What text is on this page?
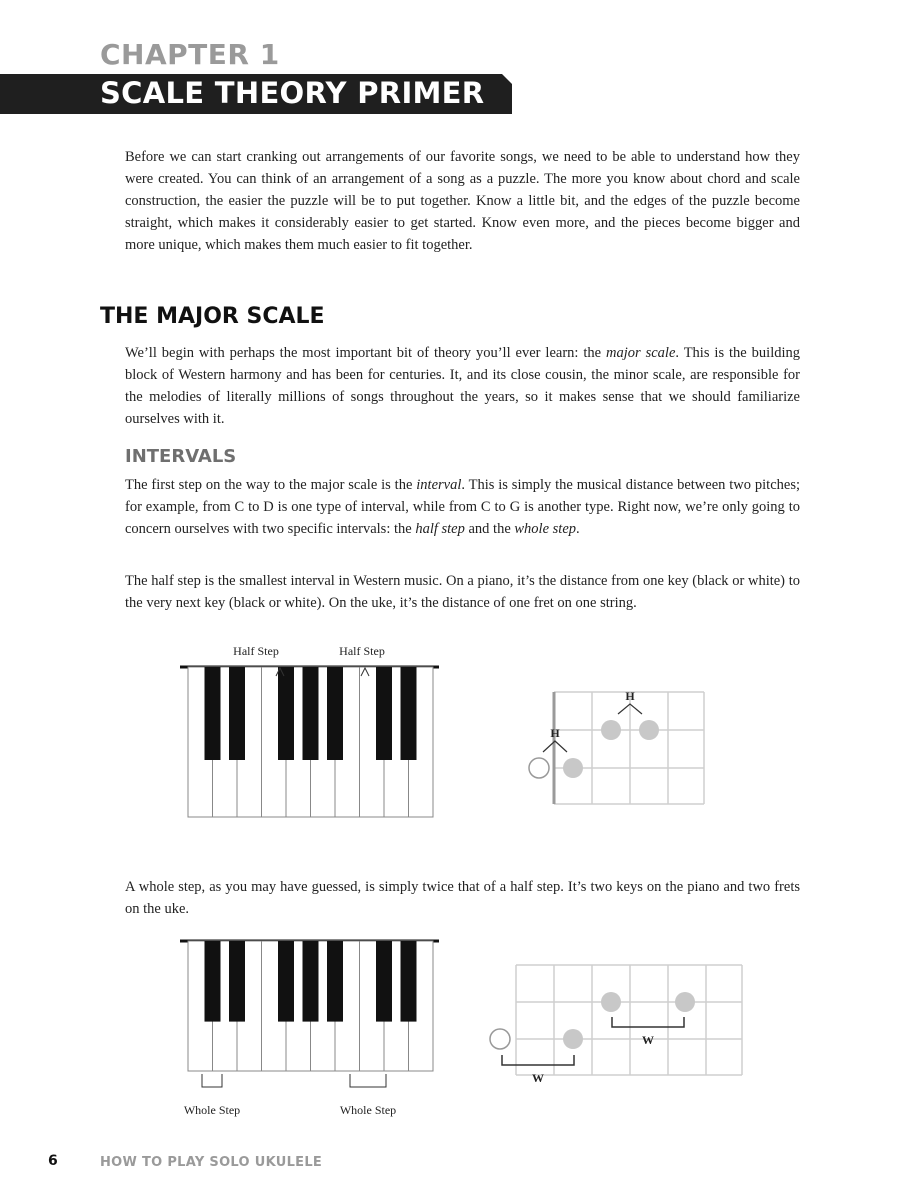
CHAPTER 1
SCALE THEORY PRIMER

Before we can start cranking out arrangements of our favorite songs, we need to be able to understand how they were created. You can think of an arrangement of a song as a puzzle. The more you know about chord and scale construction, the easier the puzzle will be to put together. Know a little bit, and the edges of the puzzle become straight, which makes it considerably easier to get started. Know even more, and the pieces become bigger and more unique, which makes them much easier to fit together.

THE MAJOR SCALE

We’ll begin with perhaps the most important bit of theory you’ll ever learn: the major scale. This is the building block of Western harmony and has been for centuries. It, and its close cousin, the minor scale, are responsible for the melodies of literally millions of songs throughout the years, so it makes sense that we should familiarize ourselves with it.

INTERVALS

The first step on the way to the major scale is the interval. This is simply the musical distance between two pitches; for example, from C to D is one type of interval, while from C to G is another type. Right now, we’re only going to concern ourselves with two specific intervals: the half step and the whole step.

The half step is the smallest interval in Western music. On a piano, it’s the distance from one key (black or white) to the very next key (black or white). On the uke, it’s the distance of one fret on one string.

Half Step	Half Step
H
H

A whole step, as you may have guessed, is simply twice that of a half step. It’s two keys on the piano and two frets on the uke.

Whole Step	Whole Step
W
W
6	HOW TO PLAY SOLO UKULELE
